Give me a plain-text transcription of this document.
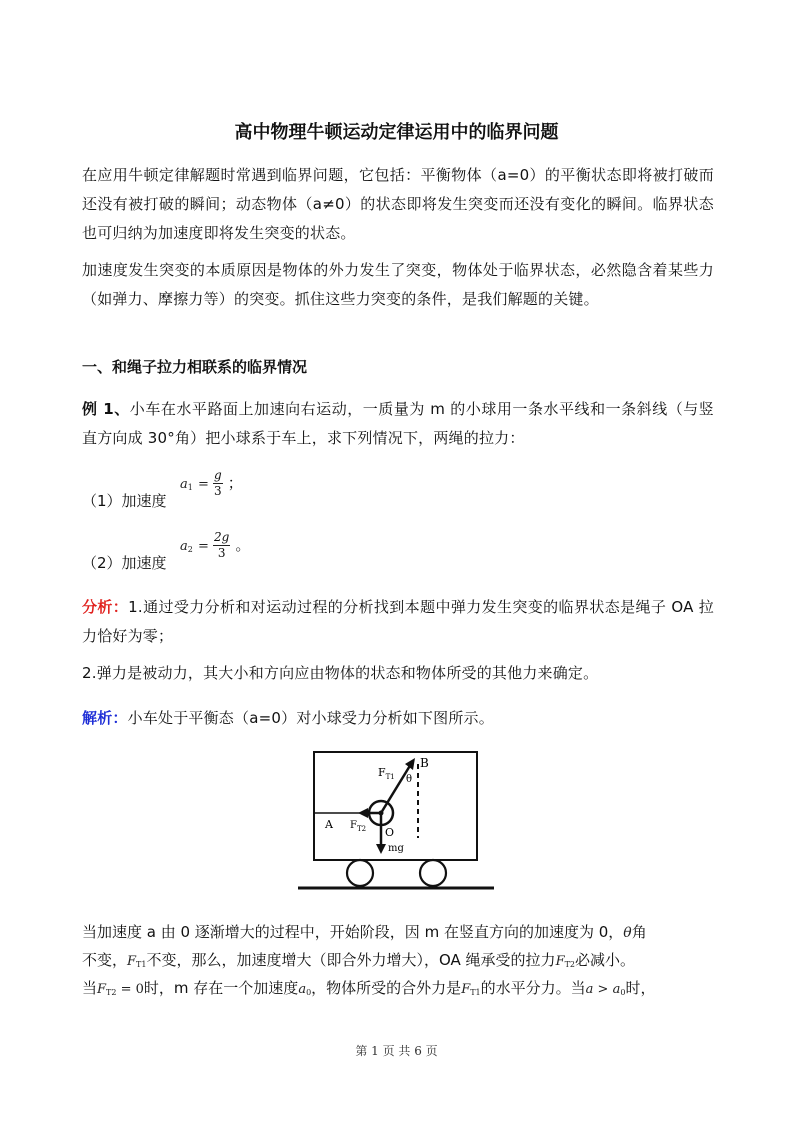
高中物理牛顿运动定律运用中的临界问题
在应用牛顿定律解题时常遇到临界问题，它包括：平衡物体（a=0）的平衡状态即将被打破而还没有被打破的瞬间；动态物体（a≠0）的状态即将发生突变而还没有变化的瞬间。临界状态也可归纳为加速度即将发生突变的状态。
加速度发生突变的本质原因是物体的外力发生了突变，物体处于临界状态，必然隐含着某些力（如弹力、摩擦力等）的突变。抓住这些力突变的条件，是我们解题的关键。
一、和绳子拉力相联系的临界情况
例 1、小车在水平路面上加速向右运动，一质量为 m 的小球用一条水平线和一条斜线（与竖直方向成 30°角）把小球系于车上，求下列情况下，两绳的拉力：
（1）加速度
$a_1 = \frac{g}{3}$ ；
（2）加速度
$a_2 = \frac{2g}{3}$ 。
分析：1.通过受力分析和对运动过程的分析找到本题中弹力发生突变的临界状态是绳子 OA 拉力恰好为零；
2.弹力是被动力，其大小和方向应由物体的状态和物体所受的其他力来确定。
解析：小车处于平衡态（a=0）对小球受力分析如下图所示。
B
θ
$F_{T1}$
A $F_{T2}$ O
mg
当加速度 a 由 0 逐渐增大的过程中，开始阶段，因 m 在竖直方向的加速度为 0，θ角
不变，$F_{T1}$不变，那么，加速度增大（即合外力增大），OA 绳承受的拉力$F_{T2}$必减小。
当$F_{T2} = 0$时，m 存在一个加速度$a_0$，物体所受的合外力是$F_{T1}$的水平分力。当$a > a_0$时，
第 1 页 共 6 页
